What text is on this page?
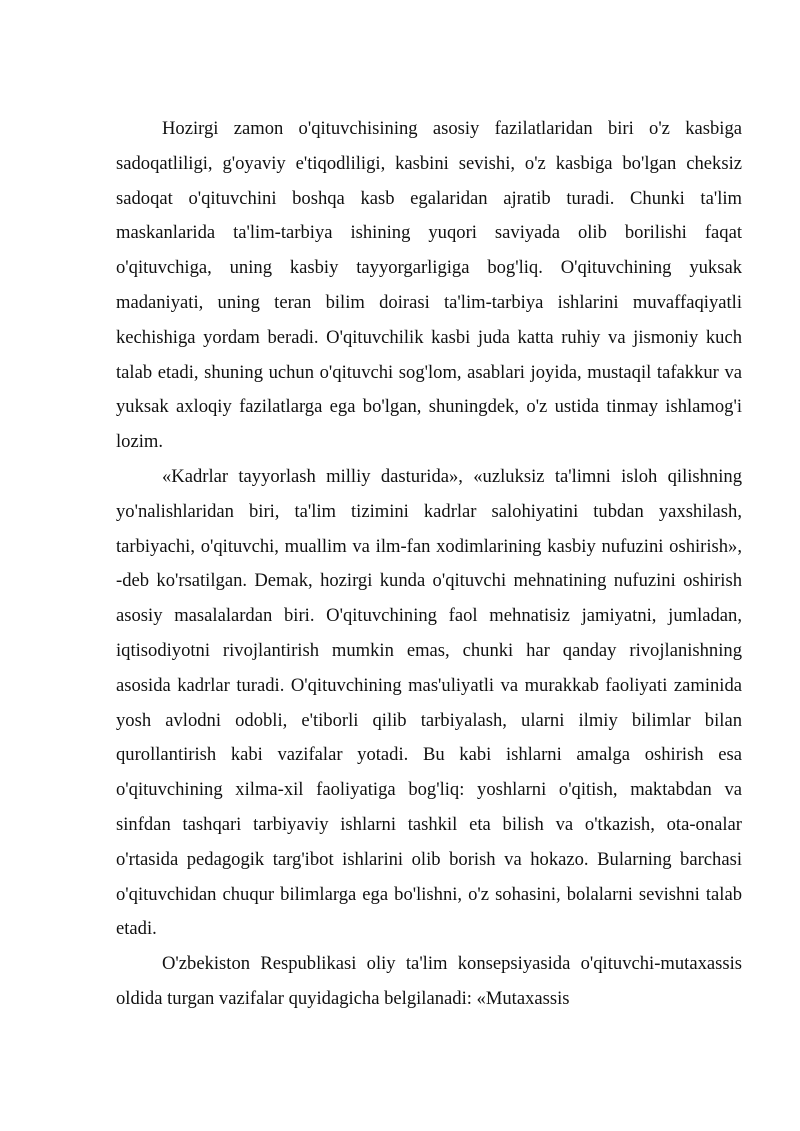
Hozirgi zamon o'qituvchisining asosiy fazilatlaridan biri o'z kasbiga sadoqatliligi, g'oyaviy e'tiqodliligi, kasbini sevishi, o'z kasbiga bo'lgan cheksiz sadoqat o'qituvchini boshqa kasb egalaridan ajratib turadi. Chunki ta'lim maskanlarida ta'lim-tarbiya ishining yuqori saviyada olib borilishi faqat o'qituvchiga, uning kasbiy tayyorgarligiga bog'liq. O'qituvchining yuksak madaniyati, uning teran bilim doirasi ta'lim-tarbiya ishlarini muvaffaqiyatli kechishiga yordam beradi. O'qituvchilik kasbi juda katta ruhiy va jismoniy kuch talab etadi, shuning uchun o'qituvchi sog'lom, asablari joyida, mustaqil tafakkur va yuksak axloqiy fazilatlarga ega bo'lgan, shuningdek, o'z ustida tinmay ishlamog'i lozim.

«Kadrlar tayyorlash milliy dasturida», «uzluksiz ta'limni isloh qilishning yo'nalishlaridan biri, ta'lim tizimini kadrlar salohiyatini tubdan yaxshilash, tarbiyachi, o'qituvchi, muallim va ilm-fan xodimlarining kasbiy nufuzini oshirish», -deb ko'rsatilgan. Demak, hozirgi kunda o'qituvchi mehnatining nufuzini oshirish asosiy masalalardan biri. O'qituvchining faol mehnatisiz jamiyatni, jumladan, iqtisodiyotni rivojlantirish mumkin emas, chunki har qanday rivojlanishning asosida kadrlar turadi. O'qituvchining mas'uliyatli va murakkab faoliyati zaminida yosh avlodni odobli, e'tiborli qilib tarbiyalash, ularni ilmiy bilimlar bilan qurollantirish kabi vazifalar yotadi. Bu kabi ishlarni amalga oshirish esa o'qituvchining xilma-xil faoliyatiga bog'liq: yoshlarni o'qitish, maktabdan va sinfdan tashqari tarbiyaviy ishlarni tashkil eta bilish va o'tkazish, ota-onalar o'rtasida pedagogik targ'ibot ishlarini olib borish va hokazo. Bularning barchasi o'qituvchidan chuqur bilimlarga ega bo'lishni, o'z sohasini, bolalarni sevishni talab etadi.

O'zbekiston Respublikasi oliy ta'lim konsepsiyasida o'qituvchi-mutaxassis oldida turgan vazifalar quyidagicha belgilanadi: «Mutaxassis
